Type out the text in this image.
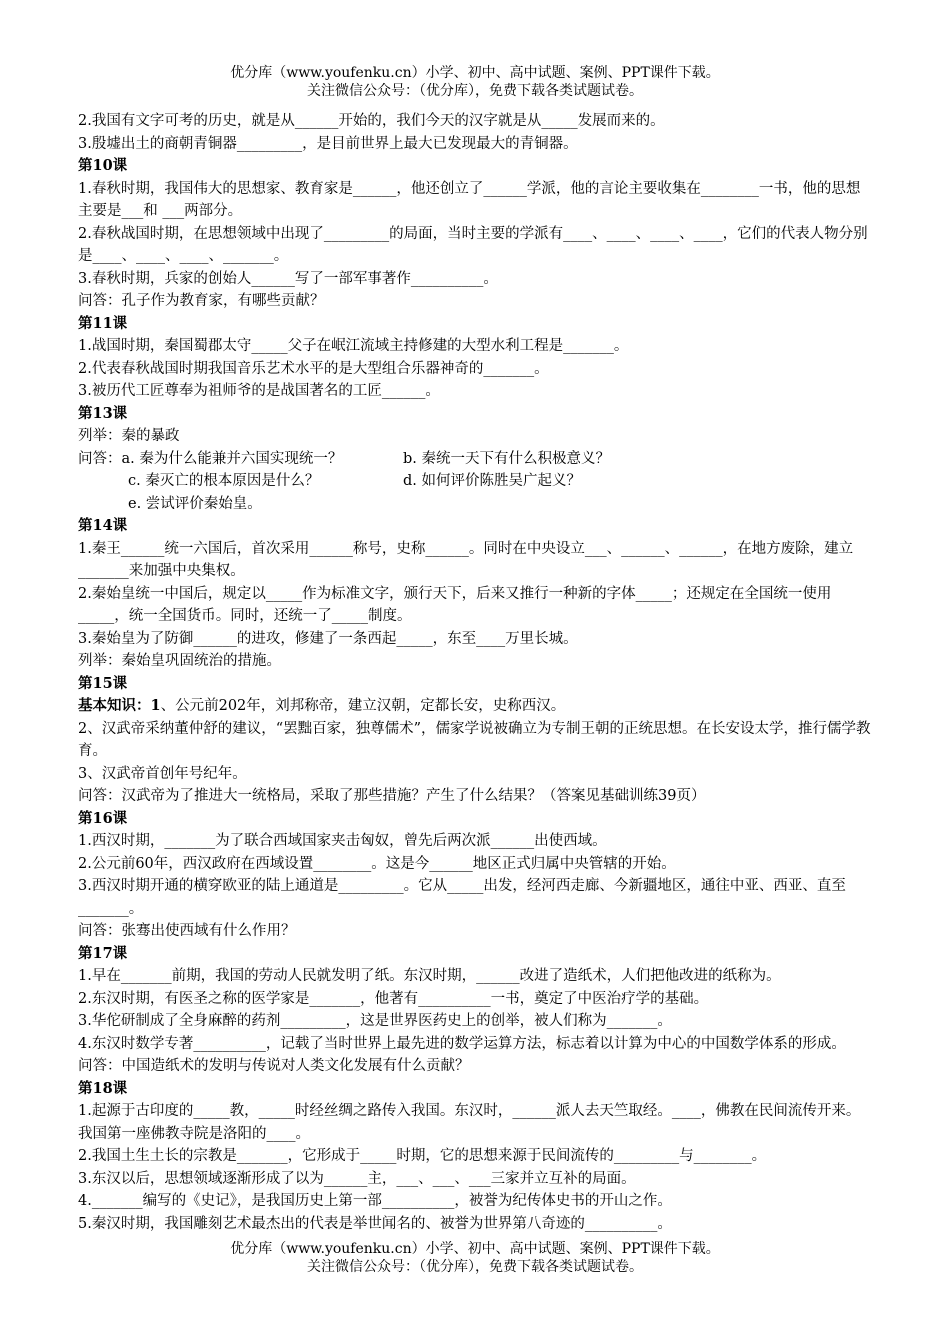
优分库（www.youfenku.cn）小学、初中、高中试题、案例、PPT课件下载。
关注微信公众号：（优分库），免费下载各类试题试卷。

2.我国有文字可考的历史，就是从______开始的，我们今天的汉字就是从_____发展而来的。

3.殷墟出土的商朝青铜器_________，是目前世界上最大已发现最大的青铜器。

第10课

1.春秋时期，我国伟大的思想家、教育家是______，他还创立了______学派，他的言论主要收集在________一书，他的思想主要是___和 ___两部分。

2.春秋战国时期，在思想领域中出现了_________的局面，当时主要的学派有____、____、____、____，它们的代表人物分别是____、____、____、_______。

3.春秋时期，兵家的创始人______写了一部军事著作__________。

问答：孔子作为教育家，有哪些贡献？

第11课

1.战国时期，秦国蜀郡太守_____父子在岷江流域主持修建的大型水利工程是_______。

2.代表春秋战国时期我国音乐艺术水平的是大型组合乐器神奇的_______。

3.被历代工匠尊奉为祖师爷的是战国著名的工匠______。

第13课

列举：秦的暴政

问答：a. 秦为什么能兼并六国实现统一？	b. 秦统一天下有什么积极意义？
c. 秦灭亡的根本原因是什么？	d. 如何评价陈胜吴广起义？
e. 尝试评价秦始皇。

第14课

1.秦王______统一六国后，首次采用______称号，史称______。同时在中央设立___、______、______，在地方废除，建立_______来加强中央集权。

2.秦始皇统一中国后，规定以_____作为标准文字，颁行天下，后来又推行一种新的字体_____；还规定在全国统一使用_____，统一全国货币。同时，还统一了_____制度。

3.秦始皇为了防御______的进攻，修建了一条西起_____，东至____万里长城。

列举：秦始皇巩固统治的措施。

第15课

基本知识：1、公元前202年，刘邦称帝，建立汉朝，定都长安，史称西汉。

2、汉武帝采纳董仲舒的建议，“罢黜百家，独尊儒术”，儒家学说被确立为专制王朝的正统思想。在长安设太学，推行儒学教育。

3、汉武帝首创年号纪年。

问答：汉武帝为了推进大一统格局，采取了那些措施？产生了什么结果？（答案见基础训练39页）

第16课

1.西汉时期，_______为了联合西域国家夹击匈奴，曾先后两次派______出使西域。

2.公元前60年，西汉政府在西域设置________。这是今______地区正式归属中央管辖的开始。

3.西汉时期开通的横穿欧亚的陆上通道是_________。它从_____出发，经河西走廊、今新疆地区，通往中亚、西亚、直至_______。

问答：张骞出使西域有什么作用？

第17课

1.早在_______前期，我国的劳动人民就发明了纸。东汉时期，______改进了造纸术，人们把他改进的纸称为。

2.东汉时期，有医圣之称的医学家是_______，他著有__________一书，奠定了中医治疗学的基础。

3.华佗研制成了全身麻醉的药剂_________，这是世界医药史上的创举，被人们称为_______。

4.东汉时数学专著__________，记载了当时世界上最先进的数学运算方法，标志着以计算为中心的中国数学体系的形成。

问答：中国造纸术的发明与传说对人类文化发展有什么贡献？

第18课

1.起源于古印度的_____教，_____时经丝绸之路传入我国。东汉时，______派人去天竺取经。____，佛教在民间流传开来。我国第一座佛教寺院是洛阳的____。

2.我国土生土长的宗教是_______，它形成于_____时期，它的思想来源于民间流传的_________与________。

3.东汉以后，思想领域逐渐形成了以为______主，___、___、___三家并立互补的局面。

4._______编写的《史记》，是我国历史上第一部__________，被誉为纪传体史书的开山之作。

5.秦汉时期，我国雕刻艺术最杰出的代表是举世闻名的、被誉为世界第八奇迹的__________。

优分库（www.youfenku.cn）小学、初中、高中试题、案例、PPT课件下载。
关注微信公众号：（优分库），免费下载各类试题试卷。
